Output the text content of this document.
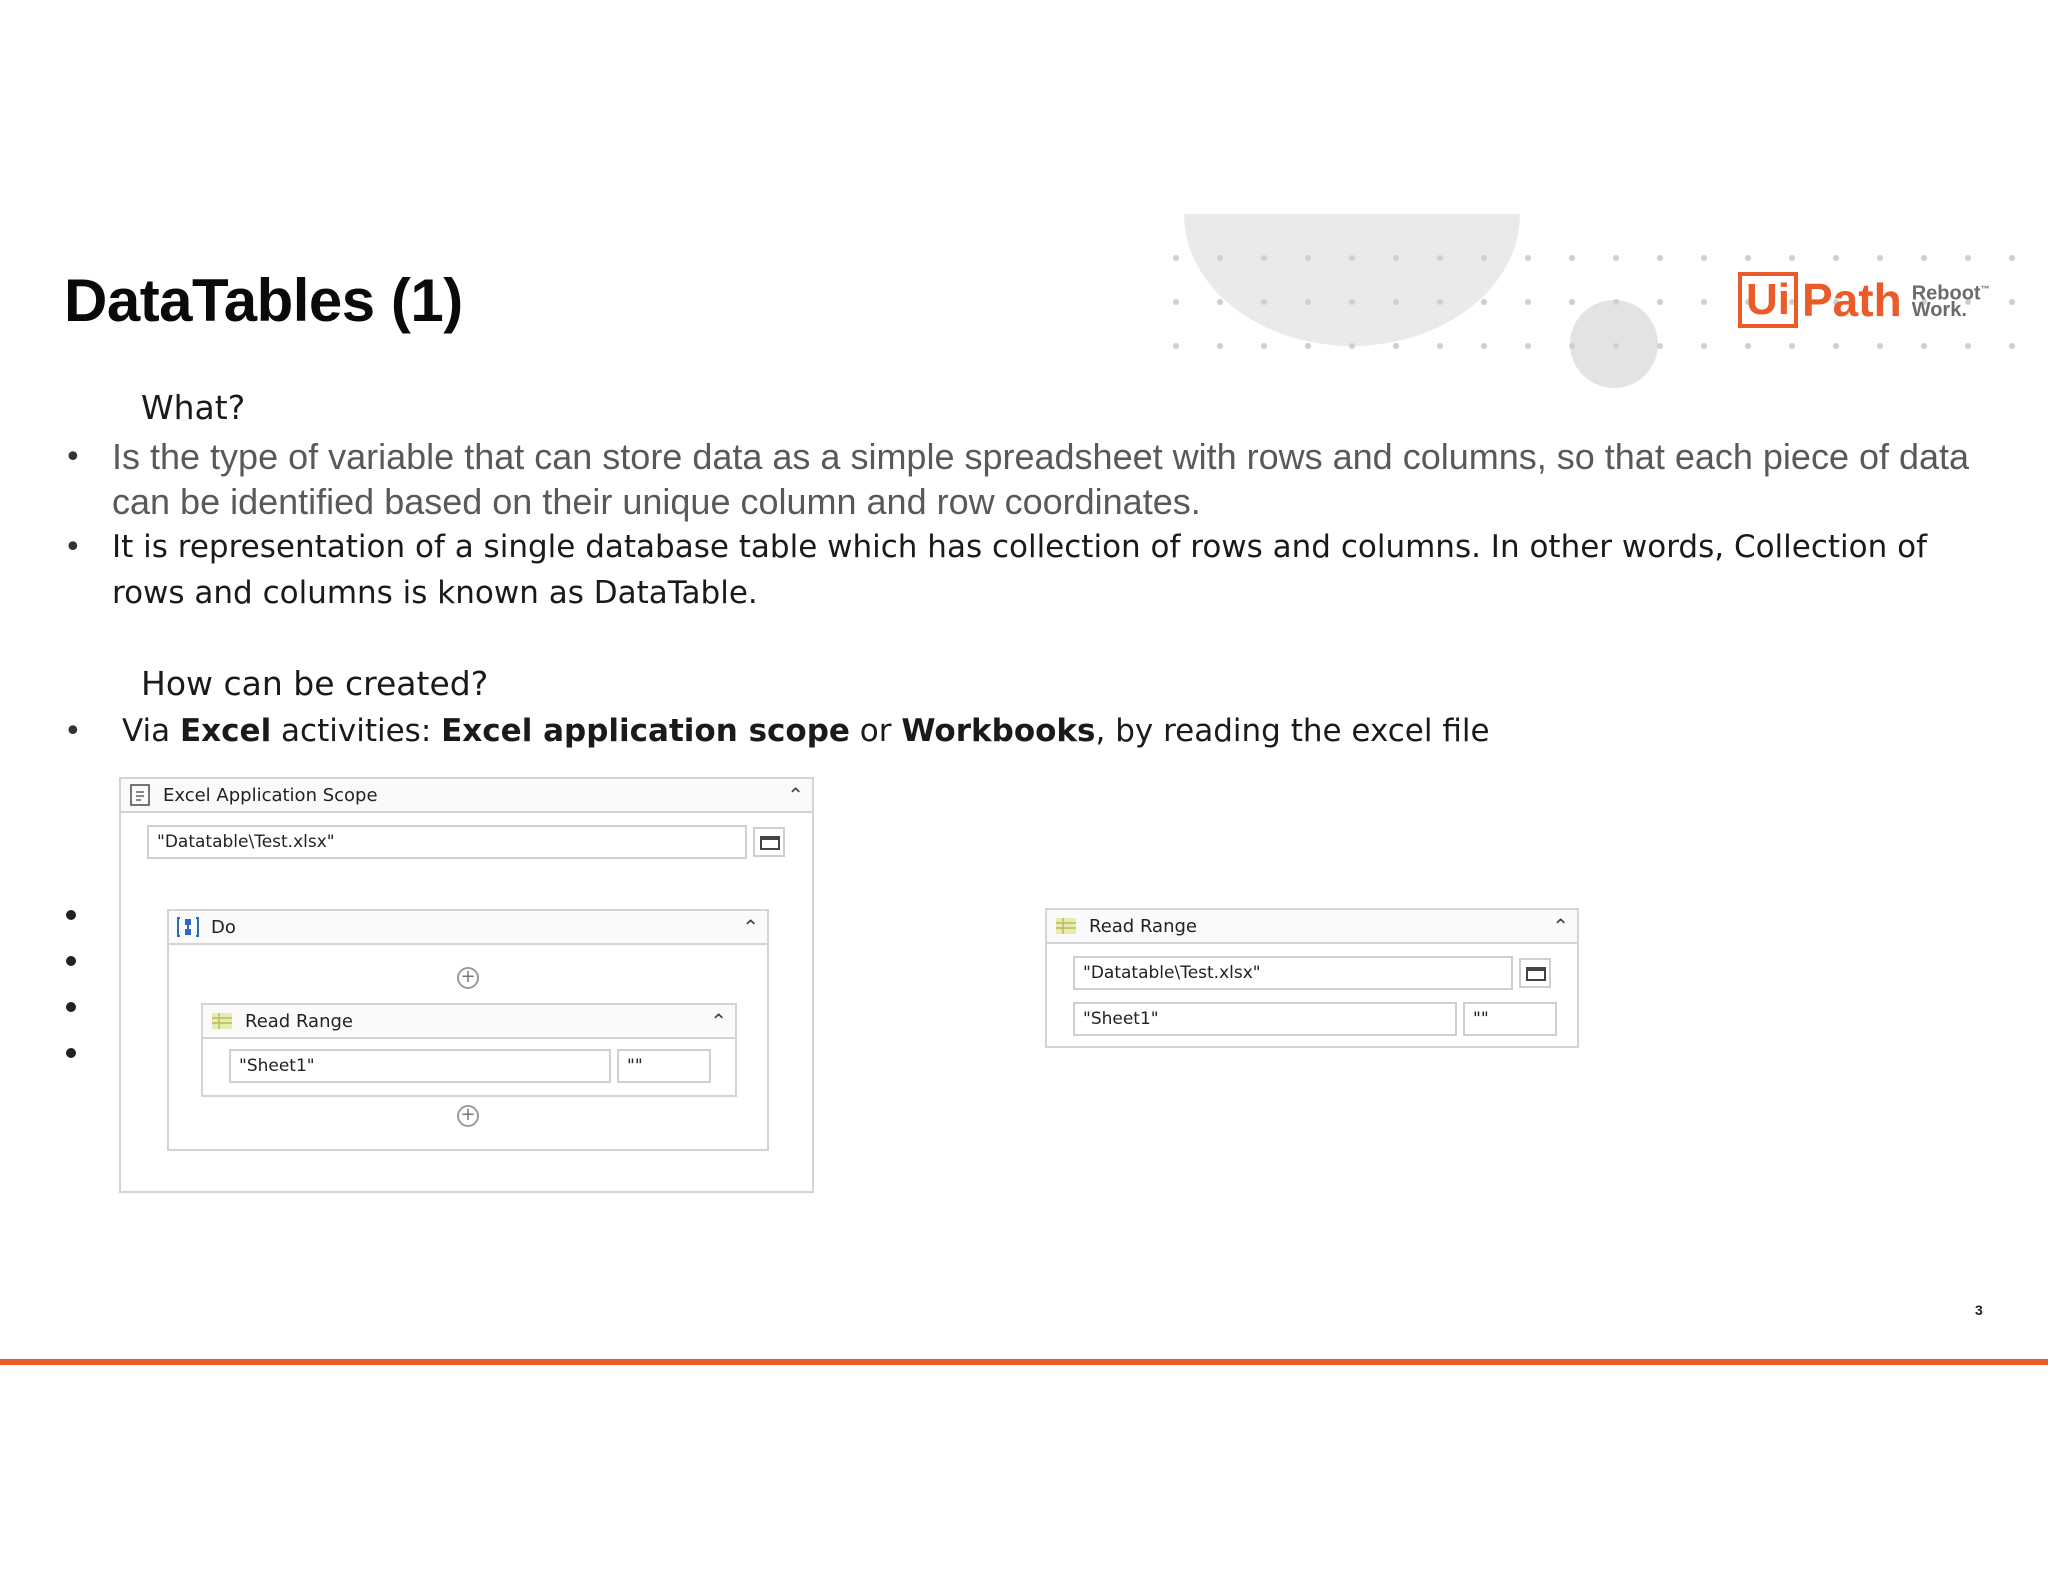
DataTables (1)	Ui Path Reboot™
Work.
What?
• Is the type of variable that can store data as a simple spreadsheet with rows and columns, so that each piece of data can be identified based on their unique column and row coordinates.
• It is representation of a single database table which has collection of rows and columns. In other words, Collection of rows and columns is known as DataTable.
How can be created?
• Via Excel activities: Excel application scope or Workbooks, by reading the excel file
Excel Application Scope	⌃
"Datatable\Test.xlsx"
Do	⌃
+
Read Range	⌃
"Sheet1"	""
+
Read Range	⌃
"Datatable\Test.xlsx"
"Sheet1"	""
3
